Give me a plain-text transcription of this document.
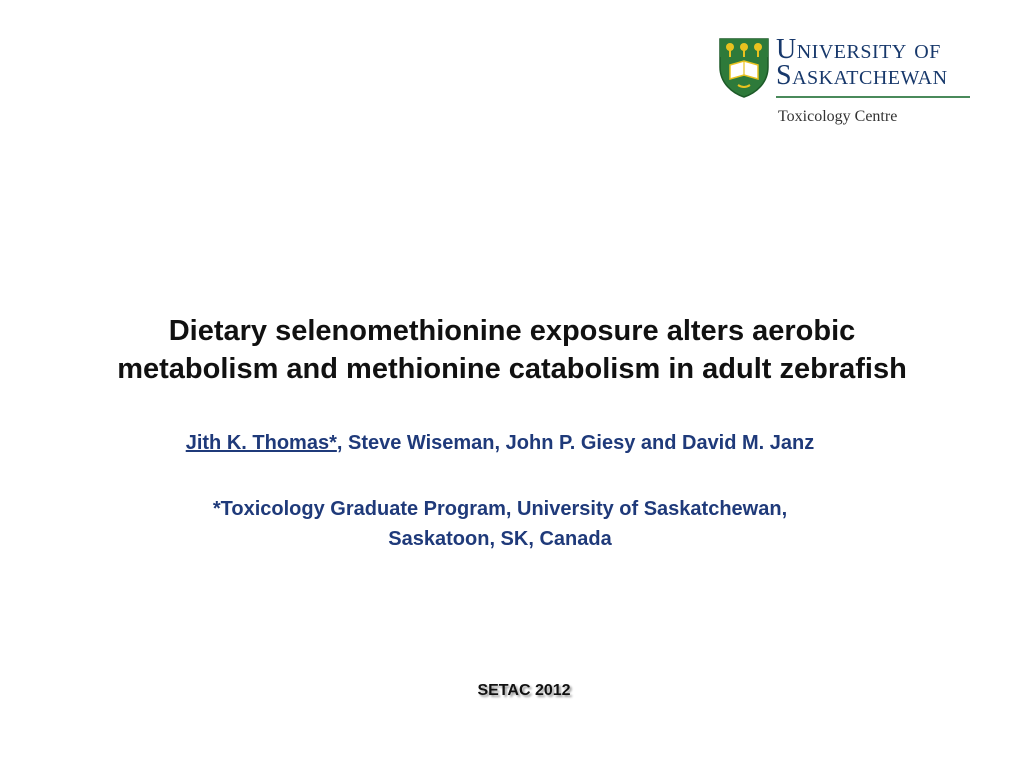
University of
Saskatchewan
Toxicology Centre
Dietary selenomethionine exposure alters aerobic
metabolism and methionine catabolism in adult zebrafish
Jith K. Thomas*, Steve Wiseman, John P. Giesy and David M. Janz
*Toxicology Graduate Program, University of Saskatchewan,
Saskatoon, SK, Canada
SETAC 2012
